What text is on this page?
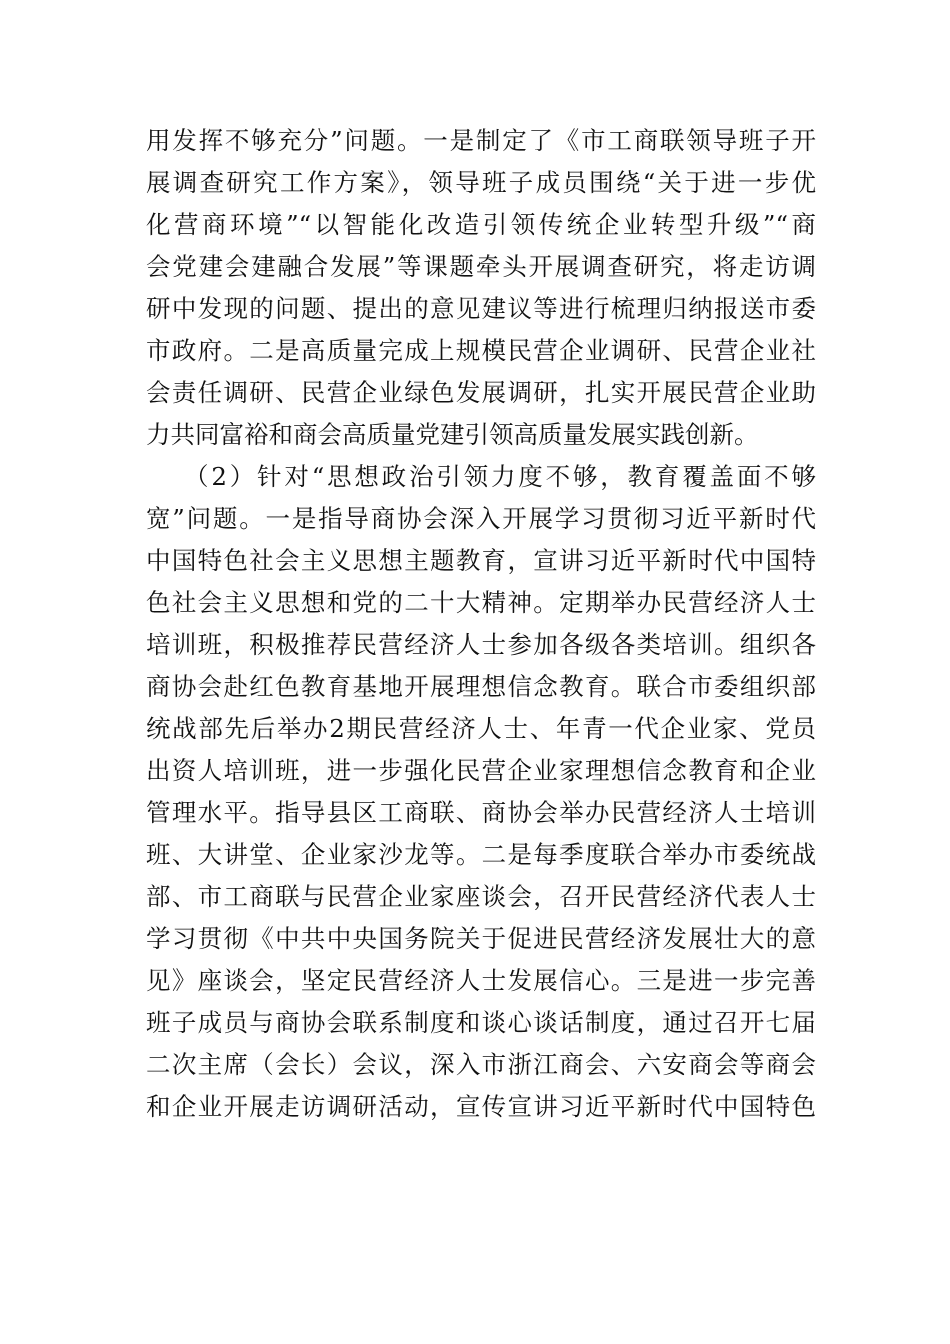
用发挥不够充分”问题。一是制定了《市工商联领导班子开
展调查研究工作方案》，领导班子成员围绕“关于进一步优
化营商环境”“以智能化改造引领传统企业转型升级”“商
会党建会建融合发展”等课题牵头开展调查研究，将走访调
研中发现的问题、提出的意见建议等进行梳理归纳报送市委
市政府。二是高质量完成上规模民营企业调研、民营企业社
会责任调研、民营企业绿色发展调研，扎实开展民营企业助
力共同富裕和商会高质量党建引领高质量发展实践创新。
（2）针对“思想政治引领力度不够，教育覆盖面不够
宽”问题。一是指导商协会深入开展学习贯彻习近平新时代
中国特色社会主义思想主题教育，宣讲习近平新时代中国特
色社会主义思想和党的二十大精神。定期举办民营经济人士
培训班，积极推荐民营经济人士参加各级各类培训。组织各
商协会赴红色教育基地开展理想信念教育。联合市委组织部
统战部先后举办2期民营经济人士、年青一代企业家、党员
出资人培训班，进一步强化民营企业家理想信念教育和企业
管理水平。指导县区工商联、商协会举办民营经济人士培训
班、大讲堂、企业家沙龙等。二是每季度联合举办市委统战
部、市工商联与民营企业家座谈会，召开民营经济代表人士
学习贯彻《中共中央国务院关于促进民营经济发展壮大的意
见》座谈会，坚定民营经济人士发展信心。三是进一步完善
班子成员与商协会联系制度和谈心谈话制度，通过召开七届
二次主席（会长）会议，深入市浙江商会、六安商会等商会
和企业开展走访调研活动，宣传宣讲习近平新时代中国特色
